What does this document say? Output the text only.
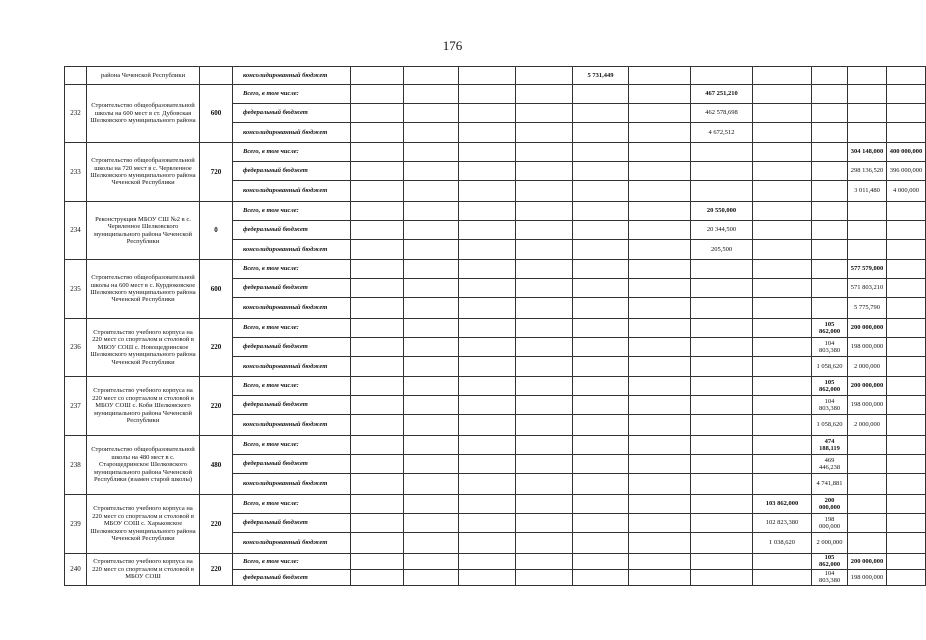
176
	района Чеченской Республики		консолидированный бюджет					5 731,449							
232	Строительство общеобразовательной школы на 600 мест в ст. Дубовская Шелковского муниципального района	600	Всего, в том числе:							467 251,210					
			федеральный бюджет							462 578,698					
			консолидированный бюджет							4 672,512					
233	Строительство общеобразовательной школы на 720 мест в с. Червленное Шелковского муниципального района Чеченской Республики	720	Всего, в том числе:										304 148,000	400 000,000	
			федеральный бюджет										298 136,520	396 000,000	
			консолидированный бюджет										3 011,480	4 000,000	
234	Реконструкция МБОУ СШ №2 в с. Червленное Шелковского муниципального района Чеченской Республики	0	Всего, в том числе:							20 550,000					
			федеральный бюджет							20 344,500					
			консолидированный бюджет							205,500					
235	Строительство общеобразовательной школы на 600 мест в с. Курдюковское Шелковского муниципального района Чеченской Республики	600	Всего, в том числе:										577 579,000		
			федеральный бюджет										571 803,210		
			консолидированный бюджет										5 775,790		
236	Строительство учебного корпуса на 220 мест со спортзалом и столовой в МБОУ СОШ с. Новощедринское Шелковского муниципального района Чеченской Республики	220	Всего, в том числе:									105 862,000	200 000,000		
			федеральный бюджет									104 803,380	198 000,000		
			консолидированный бюджет									1 058,620	2 000,000		
237	Строительство учебного корпуса на 220 мест со спортзалом и столовой в МБОУ СОШ с. Коби Шелковского муниципального района Чеченской Республики	220	Всего, в том числе:									105 862,000	200 000,000		
			федеральный бюджет									104 803,380	198 000,000		
			консолидированный бюджет									1 058,620	2 000,000		
238	Строительство общеобразовательной школы на 480 мест в с. Старощедринское Шелковского муниципального района Чеченской Республики (взамен старой школы)	480	Всего, в том числе:									474 188,119			
			федеральный бюджет									469 446,238			
			консолидированный бюджет									4 741,881			
239	Строительство учебного корпуса на 220 мест со спортзалом и столовой в МБОУ СОШ с. Харьковское Шелковского муниципального района Чеченской Республики	220	Всего, в том числе:								103 862,000	200 000,000			
			федеральный бюджет								102 823,380	198 000,000			
			консолидированный бюджет								1 038,620	2 000,000			
240	Строительство учебного корпуса на 220 мест со спортзалом и столовой в МБОУ СОШ	220	Всего, в том числе:									105 862,000	200 000,000		
			федеральный бюджет									104 803,380	198 000,000		
